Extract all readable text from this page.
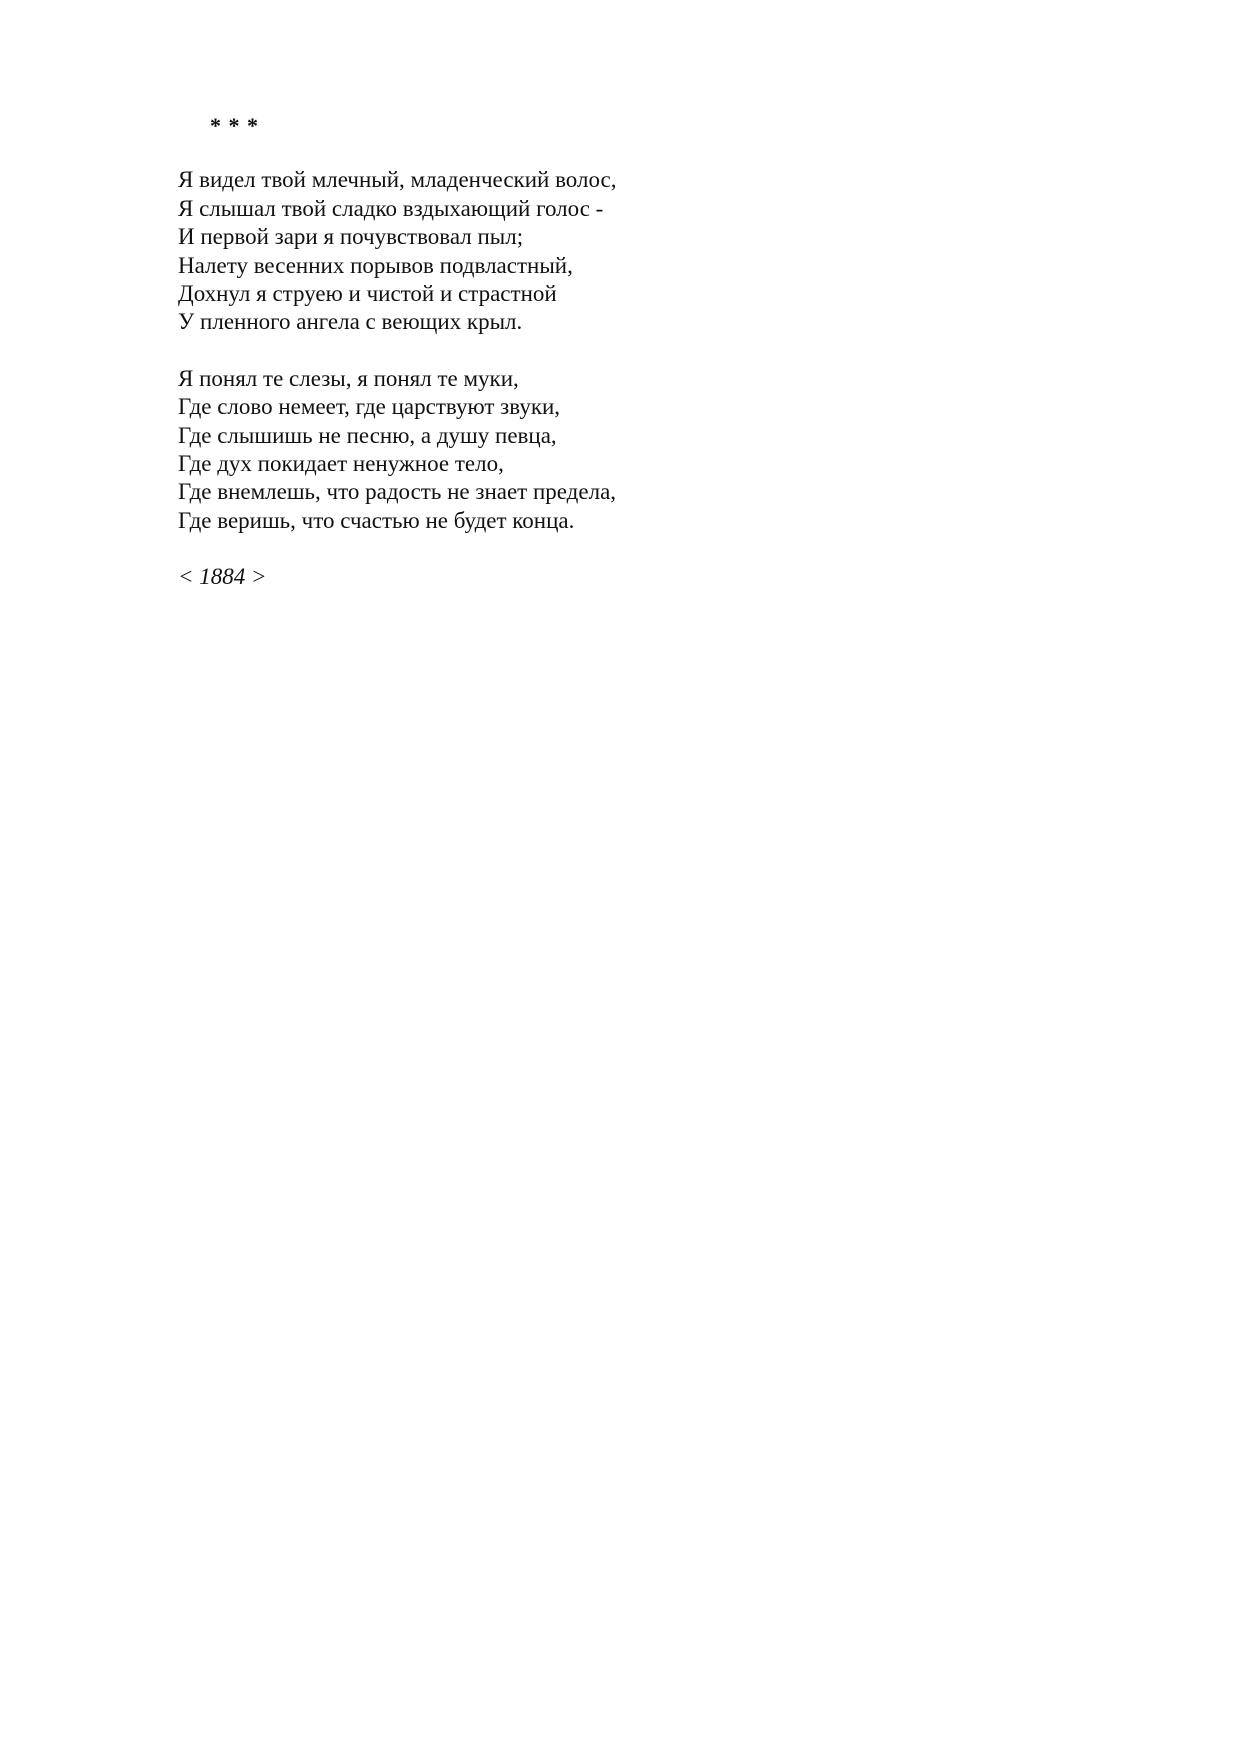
* * *
Я видел твой млечный, младенческий волос,
Я слышал твой сладко вздыхающий голос -
И первой зари я почувствовал пыл;
Налету весенних порывов подвластный,
Дохнул я струею и чистой и страстной
У пленного ангела с веющих крыл.
Я понял те слезы, я понял те муки,
Где слово немеет, где царствуют звуки,
Где слышишь не песню, а душу певца,
Где дух покидает ненужное тело,
Где внемлешь, что радость не знает предела,
Где веришь, что счастью не будет конца.
< 1884 >
